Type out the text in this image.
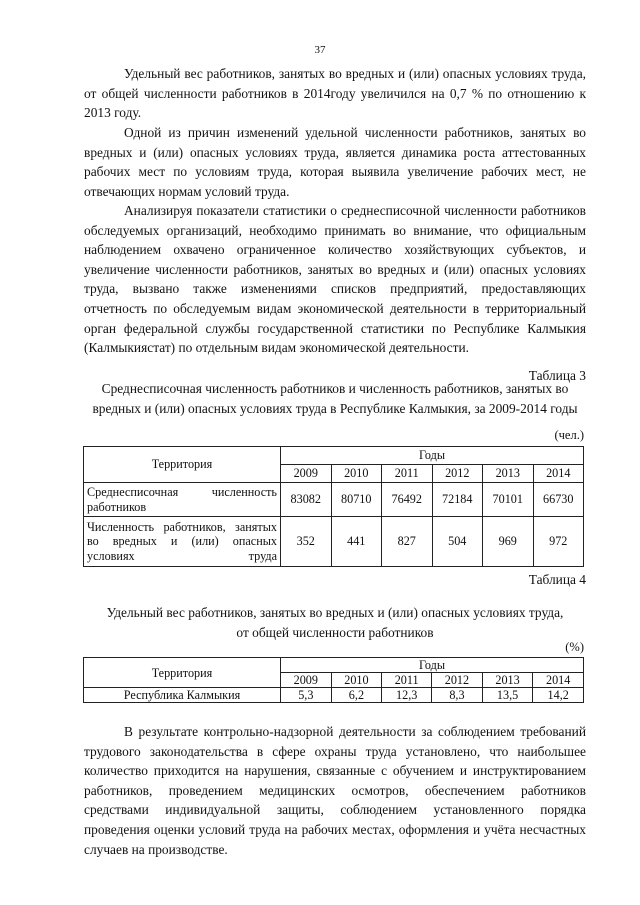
37

Удельный вес работников, занятых во вредных и (или) опасных условиях труда, от общей численности работников в 2014году увеличился на 0,7 % по отношению к 2013 году.

Одной из причин изменений удельной численности работников, занятых во вредных и (или) опасных условиях труда, является динамика роста аттестованных рабочих мест по условиям труда, которая выявила увеличение рабочих мест, не отвечающих нормам условий труда.

Анализируя показатели статистики о среднесписочной численности работников обследуемых организаций, необходимо принимать во внимание, что официальным наблюдением охвачено ограниченное количество хозяйствующих субъектов, и увеличение численности работников, занятых во вредных и (или) опасных условиях труда, вызвано также изменениями списков предприятий, предоставляющих отчетность по обследуемым видам экономической деятельности в территориальный орган федеральной службы государственной статистики по Республике Калмыкия (Калмыкиястат) по отдельным видам экономической деятельности.

Таблица 3

Среднесписочная численность работников и численность работников, занятых во вредных и (или) опасных условиях труда в Республике Калмыкия, за 2009-2014 годы

(чел.)
Территория	Годы					
	2009	2010	2011	2012	2013	2014
Среднесписочная численность работников	83082	80710	76492	72184	70101	66730
Численность работников, занятых во вредных и (или) опасных условиях труда	352	441	827	504	969	972
Таблица 4

Удельный вес работников, занятых во вредных и (или) опасных условиях труда, от общей численности работников

(%)
Территория	Годы					
	2009	2010	2011	2012	2013	2014
Республика Калмыкия	5,3	6,2	12,3	8,3	13,5	14,2

В результате контрольно-надзорной деятельности за соблюдением требований трудового законодательства в сфере охраны труда установлено, что наибольшее количество приходится на нарушения, связанные с обучением и инструктированием работников, проведением медицинских осмотров, обеспечением работников средствами индивидуальной защиты, соблюдением установленного порядка проведения оценки условий труда на рабочих местах, оформления и учёта несчастных случаев на производстве.
